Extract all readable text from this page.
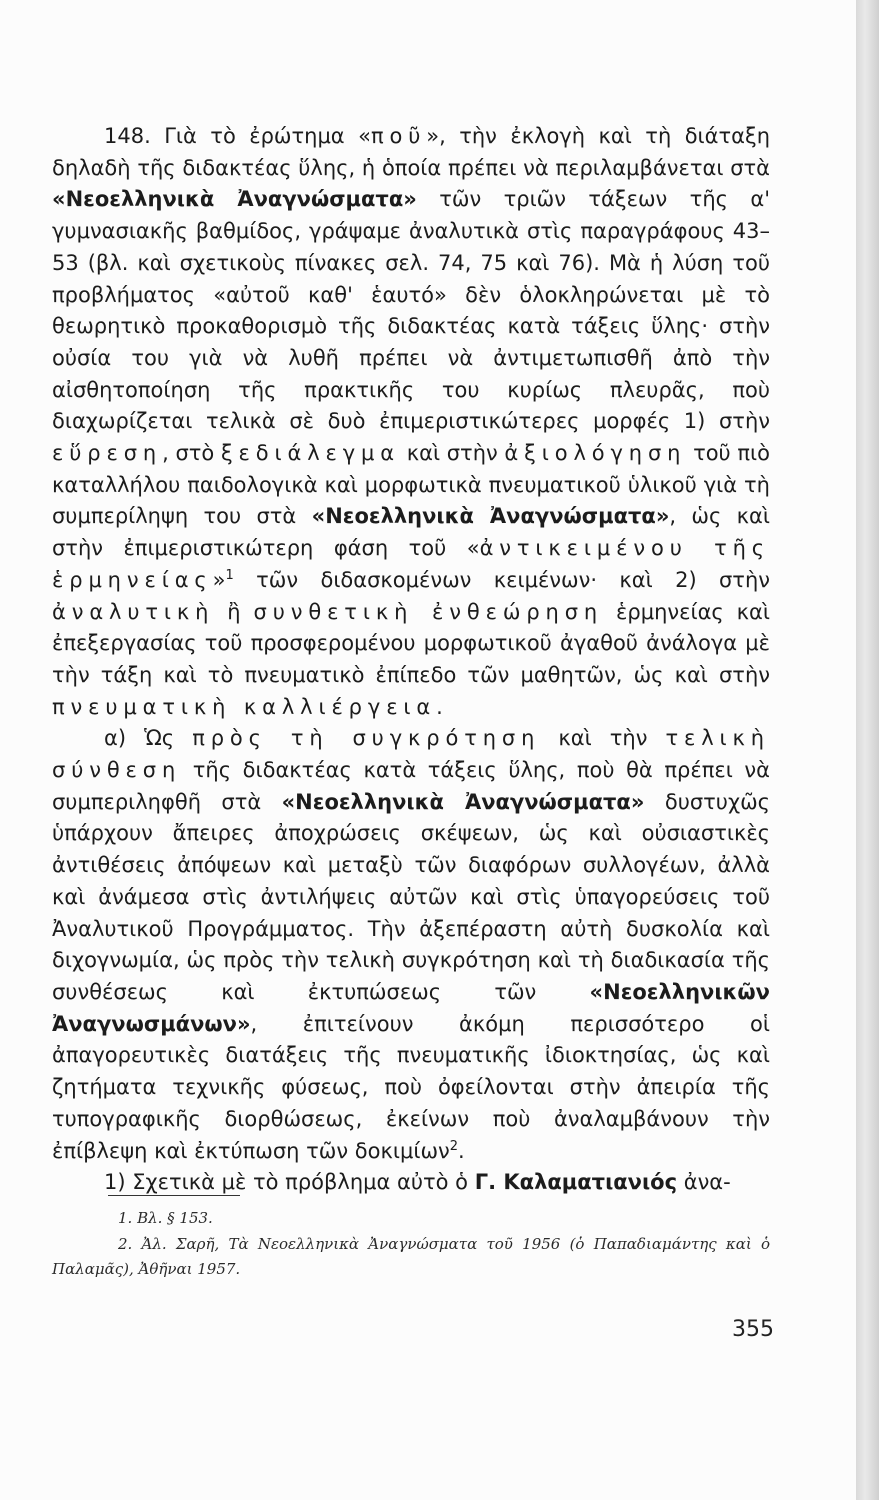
148. Γιὰ τὸ ἐρώτημα «ποῦ», τὴν ἐκλογὴ καὶ τὴ διάταξη δηλαδὴ τῆς διδακτέας ὕλης, ἡ ὁποία πρέπει νὰ περιλαμβάνεται στὰ «Νεοελληνικὰ Ἀναγνώσματα» τῶν τριῶν τάξεων τῆς α' γυμνασιακῆς βαθμίδος, γράψαμε ἀναλυτικὰ στὶς παραγράφους 43–53 (βλ. καὶ σχετικοὺς πίνακες σελ. 74, 75 καὶ 76). Μὰ ἡ λύση τοῦ προβλήματος «αὐτοῦ καθ' ἑαυτό» δὲν ὁλοκληρώνεται μὲ τὸ θεωρητικὸ προκαθορισμὸ τῆς διδακτέας κατὰ τάξεις ὕλης· στὴν οὐσία του γιὰ νὰ λυθῆ πρέπει νὰ ἀντιμετωπισθῆ ἀπὸ τὴν αἰσθητοποίηση τῆς πρακτικῆς του κυρίως πλευρᾶς, ποὺ διαχωρίζεται τελικὰ σὲ δυὸ ἐπιμεριστικώτερες μορφές 1) στὴν εὕρεση, στὸ ξεδιάλεγμα καὶ στὴν ἀξιολόγηση τοῦ πιὸ καταλλήλου παιδολογικὰ καὶ μορφωτικὰ πνευματικοῦ ὑλικοῦ γιὰ τὴ συμπερίληψη του στὰ «Νεοελληνικὰ Ἀναγνώσματα», ὡς καὶ στὴν ἐπιμεριστικώτερη φάση τοῦ «ἀντικειμένου τῆς ἑρμηνείας»$^1$ τῶν διδασκομένων κειμένων· καὶ 2) στὴν ἀναλυτικὴ ἢ συνθετικὴ ἐνθεώρηση ἑρμηνείας καὶ ἐπεξεργασίας τοῦ προσφερομένου μορφωτικοῦ ἀγαθοῦ ἀνάλογα μὲ τὴν τάξη καὶ τὸ πνευματικὸ ἐπίπεδο τῶν μαθητῶν, ὡς καὶ στὴν πνευματικὴ καλλιέργεια.

α) Ὡς πρὸς τὴ συγκρότηση καὶ τὴν τελικὴ σύνθεση τῆς διδακτέας κατὰ τάξεις ὕλης, ποὺ θὰ πρέπει νὰ συμπεριληφθῆ στὰ «Νεοελληνικὰ Ἀναγνώσματα» δυστυχῶς ὑπάρχουν ἄπειρες ἀποχρώσεις σκέψεων, ὡς καὶ οὐσιαστικὲς ἀντιθέσεις ἀπόψεων καὶ μεταξὺ τῶν διαφόρων συλλογέων, ἀλλὰ καὶ ἀνάμεσα στὶς ἀντιλήψεις αὐτῶν καὶ στὶς ὑπαγορεύσεις τοῦ Ἀναλυτικοῦ Προγράμματος. Τὴν ἀξεπέραστη αὐτὴ δυσκολία καὶ διχογνωμία, ὡς πρὸς τὴν τελικὴ συγκρότηση καὶ τὴ διαδικασία τῆς συνθέσεως καὶ ἐκτυπώσεως τῶν «Νεοελληνικῶν Ἀναγνωσμάνων», ἐπιτείνουν ἀκόμη περισσότερο οἱ ἀπαγορευτικὲς διατάξεις τῆς πνευματικῆς ἰδιοκτησίας, ὡς καὶ ζητήματα τεχνικῆς φύσεως, ποὺ ὀφείλονται στὴν ἀπειρία τῆς τυπογραφικῆς διορθώσεως, ἐκείνων ποὺ ἀναλαμβάνουν τὴν ἐπίβλεψη καὶ ἐκτύπωση τῶν δοκιμίων$^2$.

1) Σχετικὰ μὲ τὸ πρόβλημα αὐτὸ ὁ Γ. Καλαματιανιός ἀνα-

1. Βλ. § 153.
2. Ἀλ. Σαρῆ, Τὰ Νεοελληνικὰ Ἀναγνώσματα τοῦ 1956 (ὁ Παπαδιαμάντης καὶ ὁ Παλαμᾶς), Ἀθῆναι 1957.
355
